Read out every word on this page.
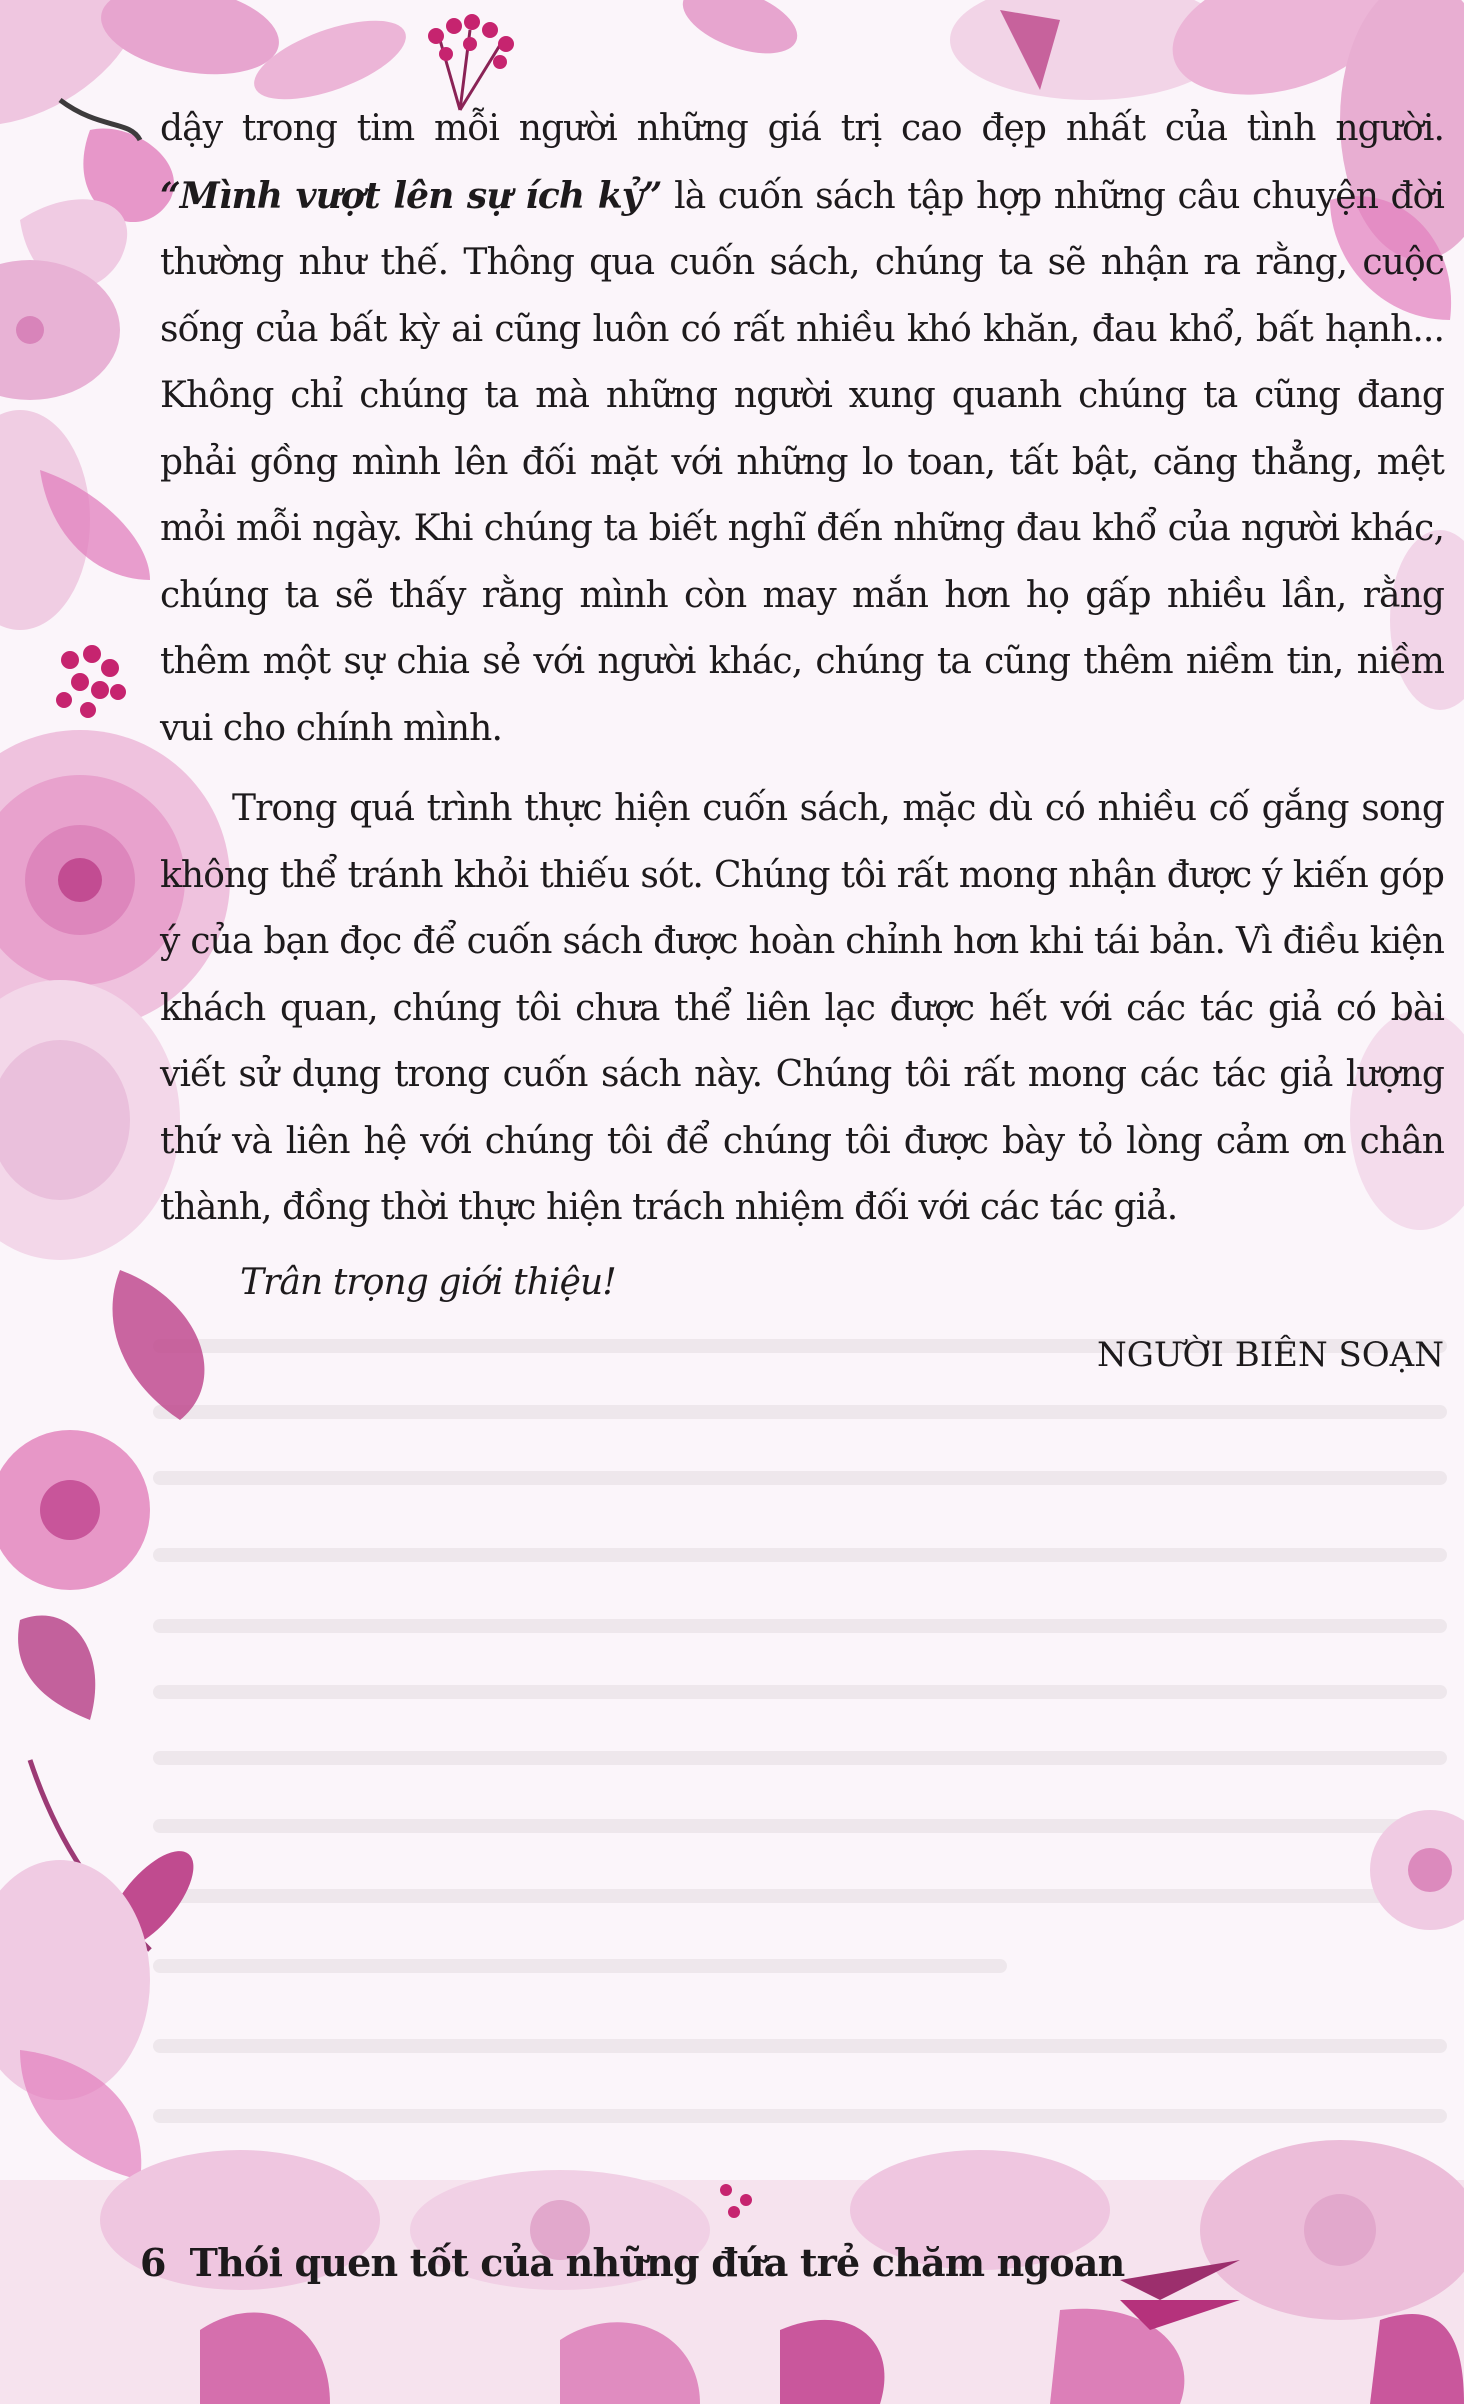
dậy trong tim mỗi người những giá trị cao đẹp nhất của tình người. “Mình vượt lên sự ích kỷ” là cuốn sách tập hợp những câu chuyện đời thường như thế. Thông qua cuốn sách, chúng ta sẽ nhận ra rằng, cuộc sống của bất kỳ ai cũng luôn có rất nhiều khó khăn, đau khổ, bất hạnh... Không chỉ chúng ta mà những người xung quanh chúng ta cũng đang phải gồng mình lên đối mặt với những lo toan, tất bật, căng thẳng, mệt mỏi mỗi ngày. Khi chúng ta biết nghĩ đến những đau khổ của người khác, chúng ta sẽ thấy rằng mình còn may mắn hơn họ gấp nhiều lần, rằng thêm một sự chia sẻ với người khác, chúng ta cũng thêm niềm tin, niềm vui cho chính mình.

Trong quá trình thực hiện cuốn sách, mặc dù có nhiều cố gắng song không thể tránh khỏi thiếu sót. Chúng tôi rất mong nhận được ý kiến góp ý của bạn đọc để cuốn sách được hoàn chỉnh hơn khi tái bản. Vì điều kiện khách quan, chúng tôi chưa thể liên lạc được hết với các tác giả có bài viết sử dụng trong cuốn sách này. Chúng tôi rất mong các tác giả lượng thứ và liên hệ với chúng tôi để chúng tôi được bày tỏ lòng cảm ơn chân thành, đồng thời thực hiện trách nhiệm đối với các tác giả.

Trân trọng giới thiệu!

NGƯỜI BIÊN SOẠN

6 Thói quen tốt của những đứa trẻ chăm ngoan
